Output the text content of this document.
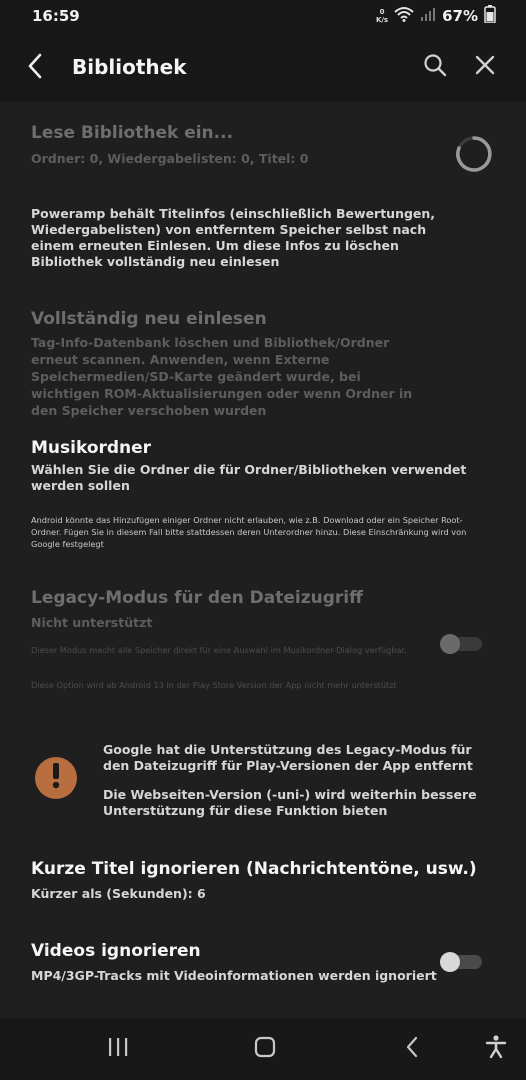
16:59	0
K/s	67%
Bibliothek
Lese Bibliothek ein...
Ordner: 0, Wiedergabelisten: 0, Titel: 0
Poweramp behält Titelinfos (einschließlich Bewertungen, Wiedergabelisten) von entferntem Speicher selbst nach einem erneuten Einlesen. Um diese Infos zu löschen Bibliothek vollständig neu einlesen
Vollständig neu einlesen
Tag-Info-Datenbank löschen und Bibliothek/Ordner erneut scannen. Anwenden, wenn Externe Speichermedien/SD-Karte geändert wurde, bei wichtigen ROM-Aktualisierungen oder wenn Ordner in den Speicher verschoben wurden
Musikordner
Wählen Sie die Ordner die für Ordner/Bibliotheken verwendet werden sollen
Android könnte das Hinzufügen einiger Ordner nicht erlauben, wie z.B. Download oder ein Speicher Root-Ordner. Fügen Sie in diesem Fall bitte stattdessen deren Unterordner hinzu. Diese Einschränkung wird von Google festgelegt
Legacy-Modus für den Dateizugriff
Nicht unterstützt
Dieser Modus macht alle Speicher direkt für eine Auswahl im Musikordner-Dialog verfügbar.
Diese Option wird ab Android 13 in der Play Store Version der App nicht mehr unterstützt
Google hat die Unterstützung des Legacy-Modus für den Dateizugriff für Play-Versionen der App entfernt
Die Webseiten-Version (-uni-) wird weiterhin bessere Unterstützung für diese Funktion bieten
Kurze Titel ignorieren (Nachrichtentöne, usw.)
Kürzer als (Sekunden): 6
Videos ignorieren
MP4/3GP-Tracks mit Videoinformationen werden ignoriert
